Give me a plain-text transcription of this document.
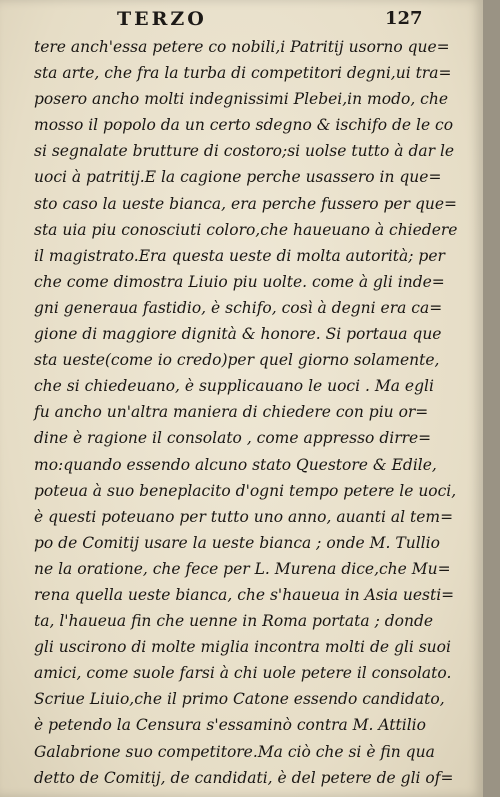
TERZO	127
tere anch'essa petere co nobili,i Patritij usorno que=
sta arte, che fra la turba di competitori degni,ui tra=
posero ancho molti indegnissimi Plebei,in modo, che
mosso il popolo da un certo sdegno & ischifo de le co
si segnalate brutture di costoro;si uolse tutto à dar le
uoci à patritij.E la cagione perche usassero in que=
sto caso la ueste bianca, era perche fussero per que=
sta uia piu conosciuti coloro,che haueuano à chiedere
il magistrato.Era questa ueste di molta autorità; per
che come dimostra Liuio piu uolte. come à gli inde=
gni generaua fastidio, è schifo, così à degni era ca=
gione di maggiore dignità & honore. Si portaua que
sta ueste(come io credo)per quel giorno solamente,
che si chiedeuano, è supplicauano le uoci . Ma egli
fu ancho un'altra maniera di chiedere con piu or=
dine è ragione il consolato , come appresso dirre=
mo:quando essendo alcuno stato Questore & Edile,
poteua à suo beneplacito d'ogni tempo petere le uoci,
è questi poteuano per tutto uno anno, auanti al tem=
po de Comitij usare la ueste bianca ; onde M. Tullio
ne la oratione, che fece per L. Murena dice,che Mu=
rena quella ueste bianca, che s'haueua in Asia uesti=
ta, l'haueua fin che uenne in Roma portata ; donde
gli uscirono di molte miglia incontra molti de gli suoi
amici, come suole farsi à chi uole petere il consolato.
Scriue Liuio,che il primo Catone essendo candidato,
è petendo la Censura s'essaminò contra M. Attilio
Galabrione suo competitore.Ma ciò che si è fin qua
detto de Comitij, de candidati, è del petere de gli of=
